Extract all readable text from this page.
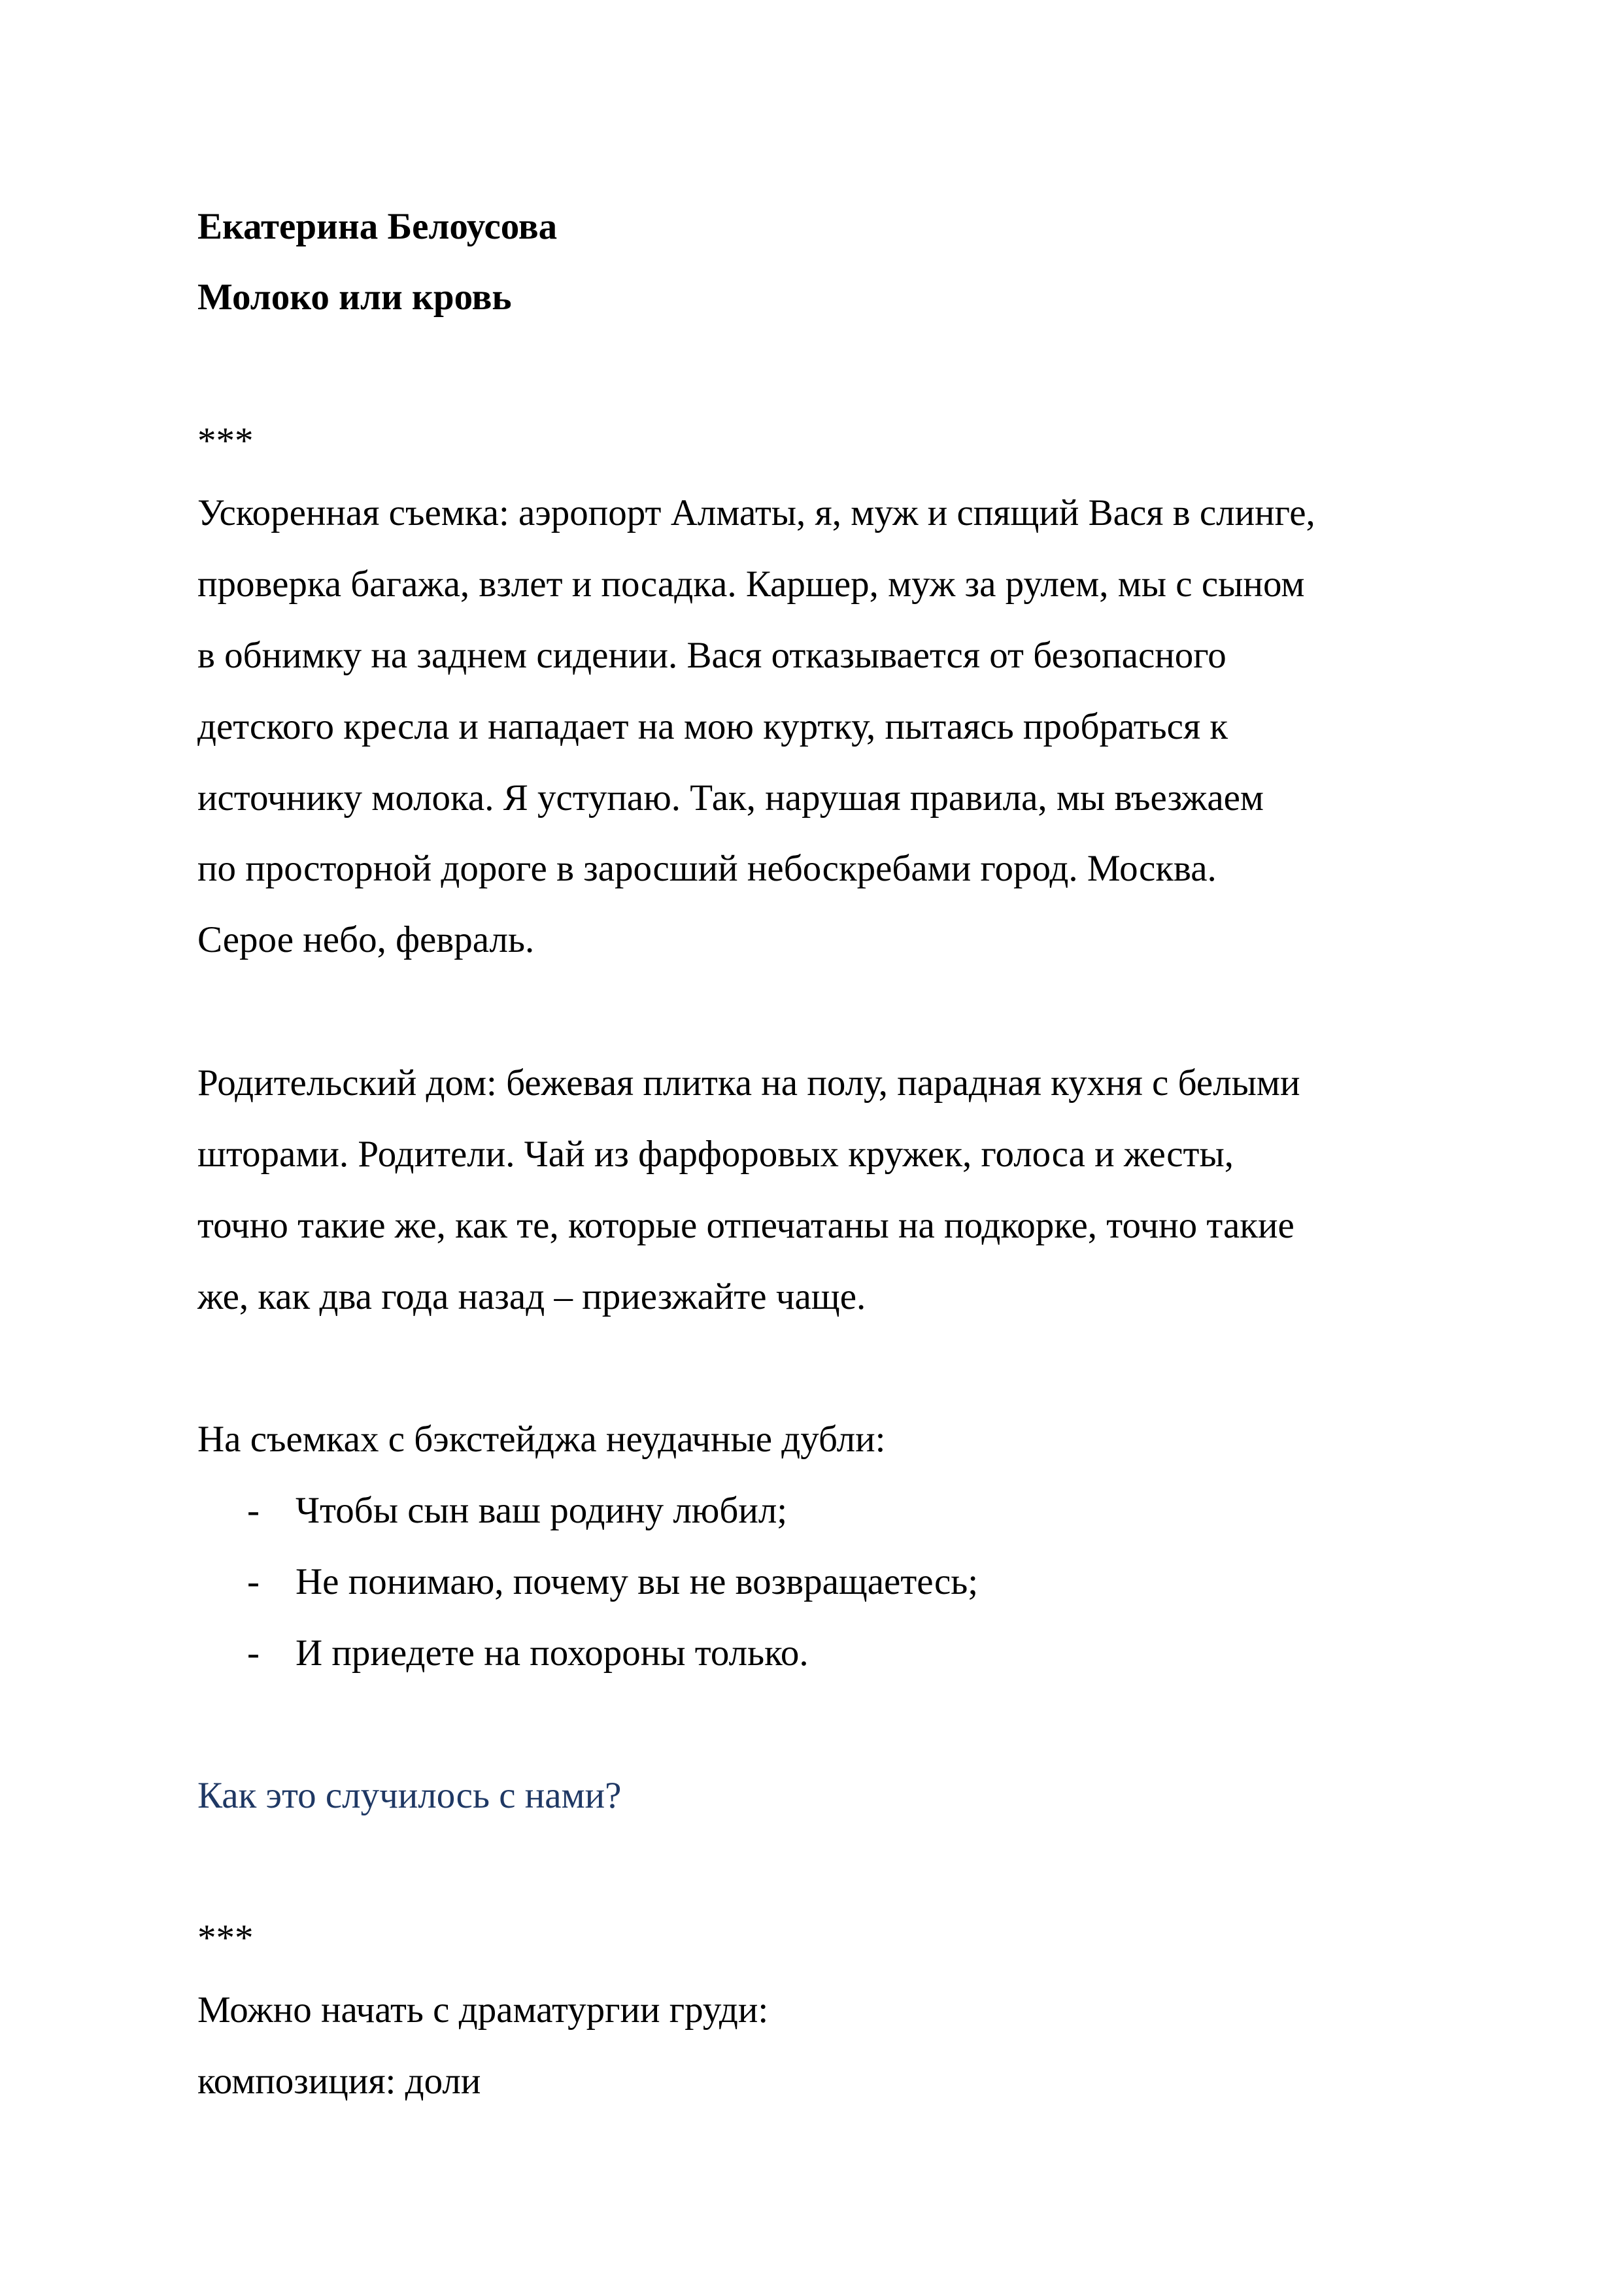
Екатерина Белоусова
Молоко или кровь
***
Ускоренная съемка: аэропорт Алматы, я, муж и спящий Вася в слинге,
проверка багажа, взлет и посадка. Каршер, муж за рулем, мы с сыном
в обнимку на заднем сидении. Вася отказывается от безопасного
детского кресла и нападает на мою куртку, пытаясь пробраться к
источнику молока. Я уступаю. Так, нарушая правила, мы въезжаем
по просторной дороге в заросший небоскребами город. Москва.
Серое небо, февраль.
Родительский дом: бежевая плитка на полу, парадная кухня с белыми
шторами. Родители. Чай из фарфоровых кружек, голоса и жесты,
точно такие же, как те, которые отпечатаны на подкорке, точно такие
же, как два года назад – приезжайте чаще.
На съемках с бэкстейджа неудачные дубли:
- Чтобы сын ваш родину любил;
- Не понимаю, почему вы не возвращаетесь;
- И приедете на похороны только.
Как это случилось с нами?
***
Можно начать с драматургии груди:
композиция: доли
